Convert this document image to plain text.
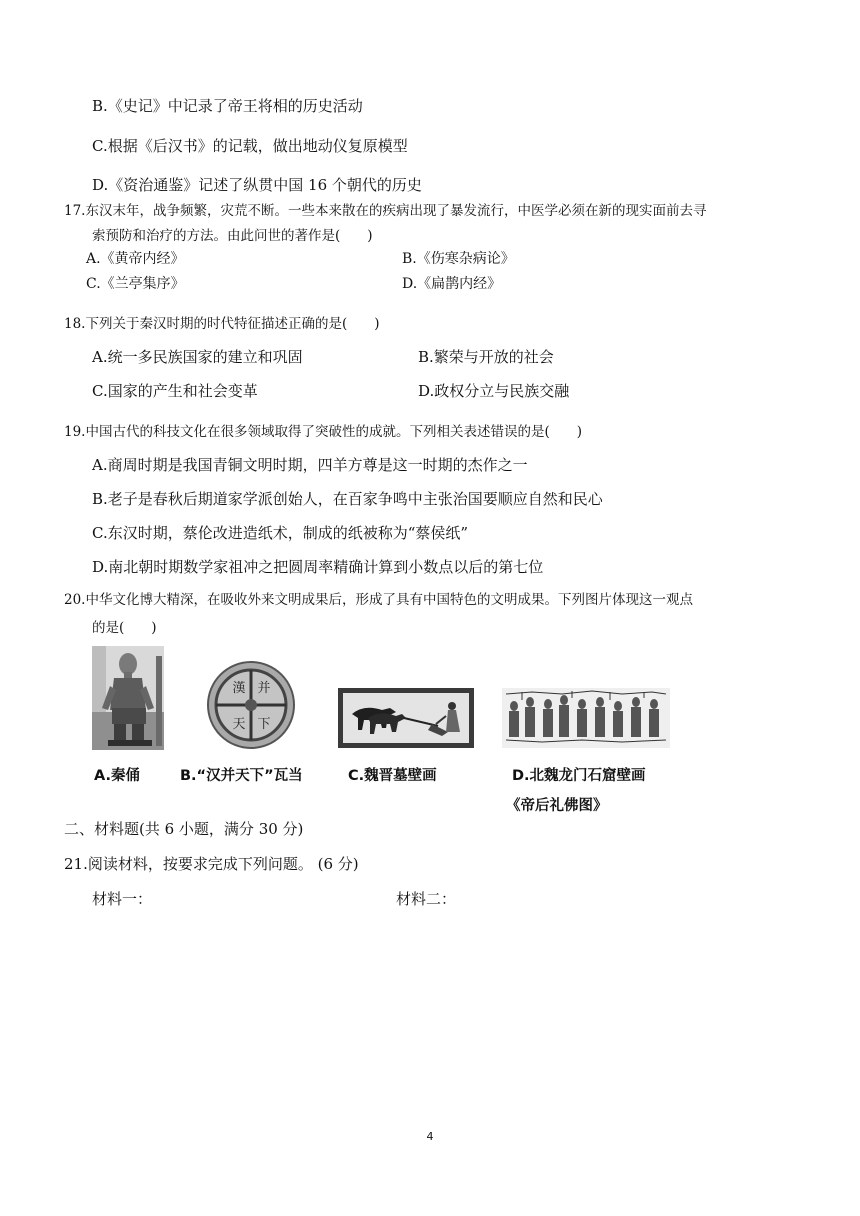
B.《史记》中记录了帝王将相的历史活动
C.根据《后汉书》的记载，做出地动仪复原模型
D.《资治通鉴》记述了纵贯中国 16 个朝代的历史
17.东汉末年，战争频繁，灾荒不断。一些本来散在的疾病出现了暴发流行，中医学必须在新的现实面前去寻
索预防和治疗的方法。由此问世的著作是(　　)
A.《黄帝内经》	B.《伤寒杂病论》
C.《兰亭集序》	D.《扁鹊内经》
18.下列关于秦汉时期的时代特征描述正确的是(　　)
A.统一多民族国家的建立和巩固	B.繁荣与开放的社会
C.国家的产生和社会变革	D.政权分立与民族交融
19.中国古代的科技文化在很多领域取得了突破性的成就。下列相关表述错误的是(　　)
A.商周时期是我国青铜文明时期，四羊方尊是这一时期的杰作之一
B.老子是春秋后期道家学派创始人，在百家争鸣中主张治国要顺应自然和民心
C.东汉时期，蔡伦改进造纸术，制成的纸被称为“蔡侯纸”
D.南北朝时期数学家祖冲之把圆周率精确计算到小数点以后的第七位
20.中华文化博大精深，在吸收外来文明成果后，形成了具有中国特色的文明成果。下列图片体现这一观点
的是(　　)
漢 并
天 下
A.秦俑	B.“汉并天下”瓦当	C.魏晋墓壁画	D.北魏龙门石窟壁画
《帝后礼佛图》
二、材料题(共 6 小题，满分 30 分)
21.阅读材料，按要求完成下列问题。 (6 分)
材料一：	材料二：
4
